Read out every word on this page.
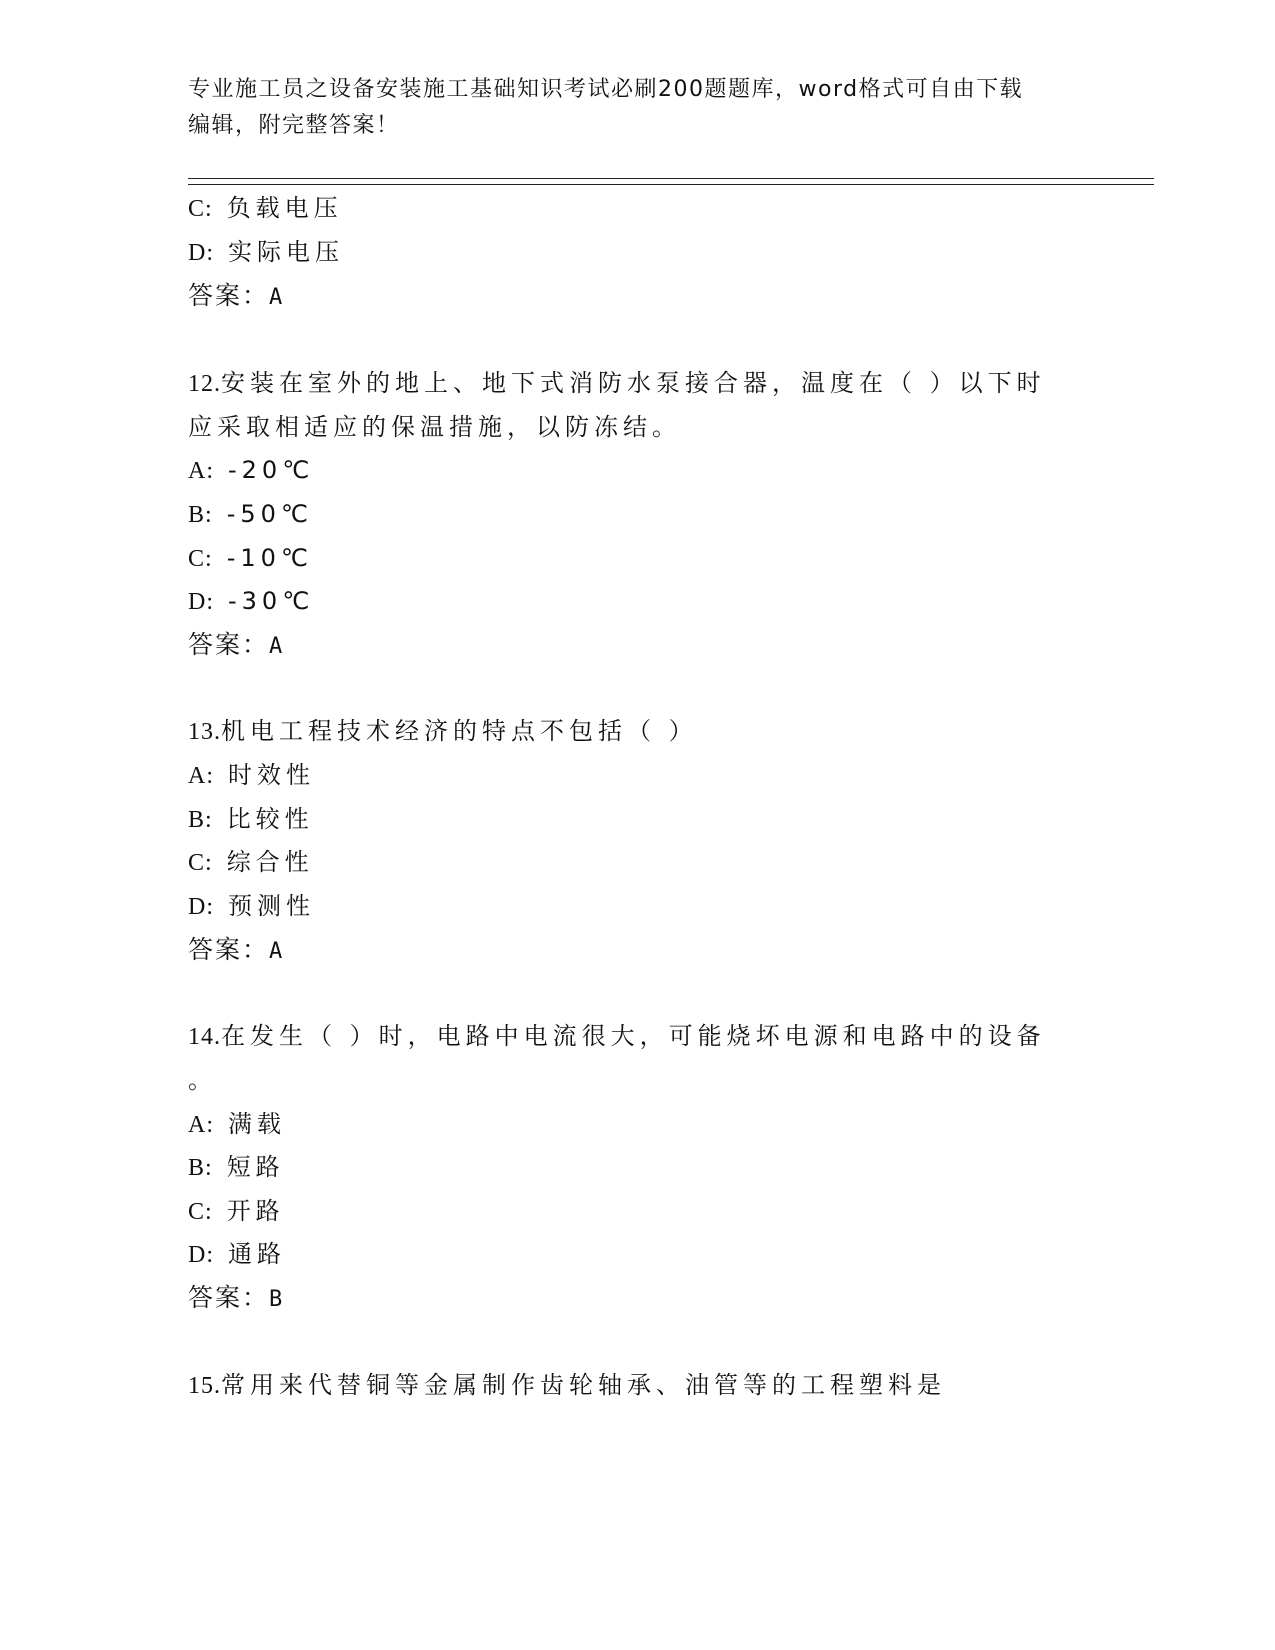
专业施工员之设备安装施工基础知识考试必刷200题题库，word格式可自由下载
编辑，附完整答案！
C: 负载电压
D: 实际电压
答案：A
12.安装在室外的地上、地下式消防水泵接合器，温度在（ ）以下时
应采取相适应的保温措施，以防冻结。
A: -20℃
B: -50℃
C: -10℃
D: -30℃
答案：A
13.机电工程技术经济的特点不包括（ ）
A: 时效性
B: 比较性
C: 综合性
D: 预测性
答案：A
14.在发生（ ）时，电路中电流很大，可能烧坏电源和电路中的设备
。
A: 满载
B: 短路
C: 开路
D: 通路
答案：B
15.常用来代替铜等金属制作齿轮轴承、油管等的工程塑料是
